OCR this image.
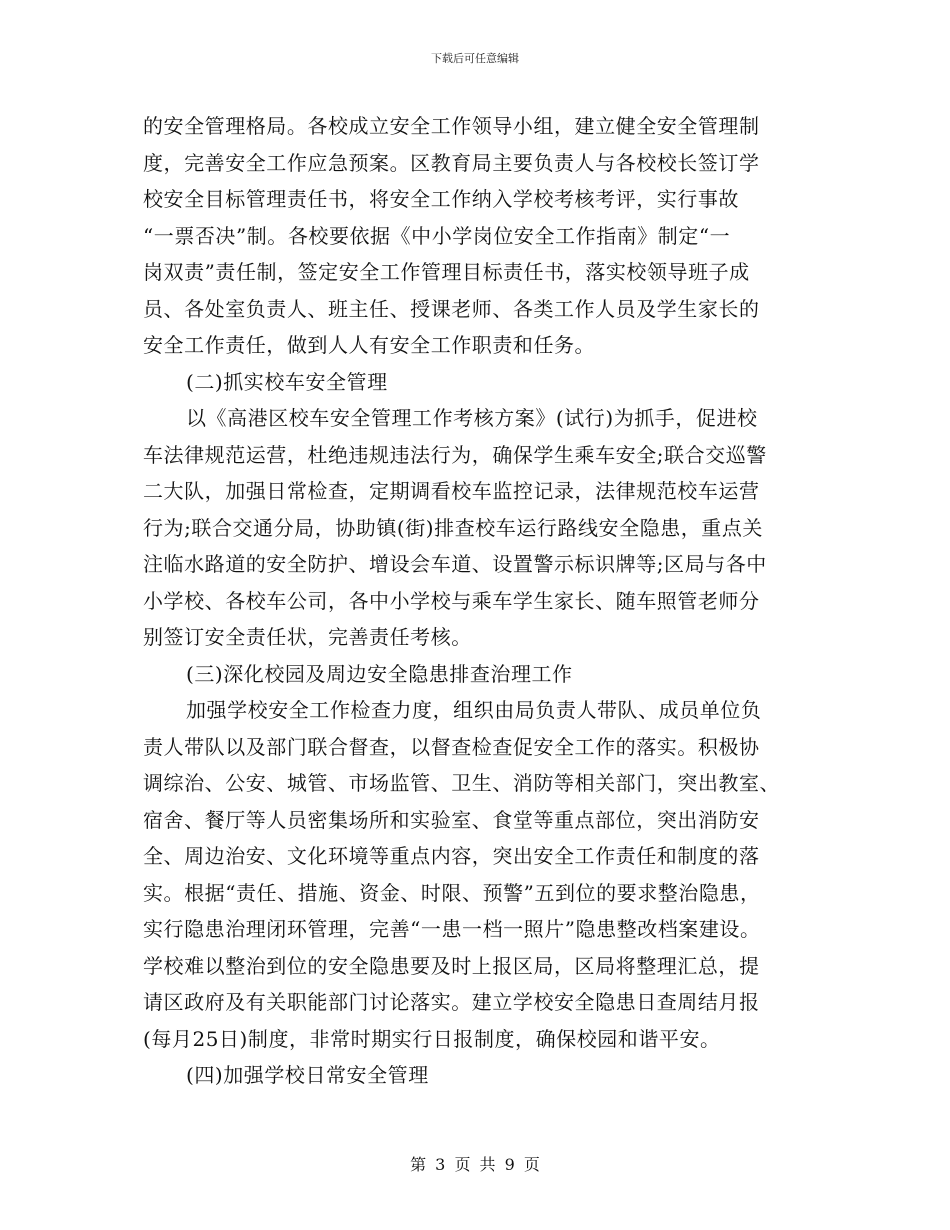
下载后可任意编辑
的安全管理格局。各校成立安全工作领导小组，建立健全安全管理制
度，完善安全工作应急预案。区教育局主要负责人与各校校长签订学
校安全目标管理责任书，将安全工作纳入学校考核考评，实行事故
“一票否决”制。各校要依据《中小学岗位安全工作指南》制定“一
岗双责”责任制，签定安全工作管理目标责任书，落实校领导班子成
员、各处室负责人、班主任、授课老师、各类工作人员及学生家长的
安全工作责任，做到人人有安全工作职责和任务。
(二)抓实校车安全管理
以《高港区校车安全管理工作考核方案》(试行)为抓手，促进校
车法律规范运营，杜绝违规违法行为，确保学生乘车安全;联合交巡警
二大队，加强日常检查，定期调看校车监控记录，法律规范校车运营
行为;联合交通分局，协助镇(街)排查校车运行路线安全隐患，重点关
注临水路道的安全防护、增设会车道、设置警示标识牌等;区局与各中
小学校、各校车公司，各中小学校与乘车学生家长、随车照管老师分
别签订安全责任状，完善责任考核。
(三)深化校园及周边安全隐患排查治理工作
加强学校安全工作检查力度，组织由局负责人带队、成员单位负
责人带队以及部门联合督查，以督查检查促安全工作的落实。积极协
调综治、公安、城管、市场监管、卫生、消防等相关部门，突出教室、
宿舍、餐厅等人员密集场所和实验室、食堂等重点部位，突出消防安
全、周边治安、文化环境等重点内容，突出安全工作责任和制度的落
实。根据“责任、措施、资金、时限、预警”五到位的要求整治隐患，
实行隐患治理闭环管理，完善“一患一档一照片”隐患整改档案建设。
学校难以整治到位的安全隐患要及时上报区局，区局将整理汇总，提
请区政府及有关职能部门讨论落实。建立学校安全隐患日查周结月报
(每月25日)制度，非常时期实行日报制度，确保校园和谐平安。
(四)加强学校日常安全管理
第 3 页 共 9 页
